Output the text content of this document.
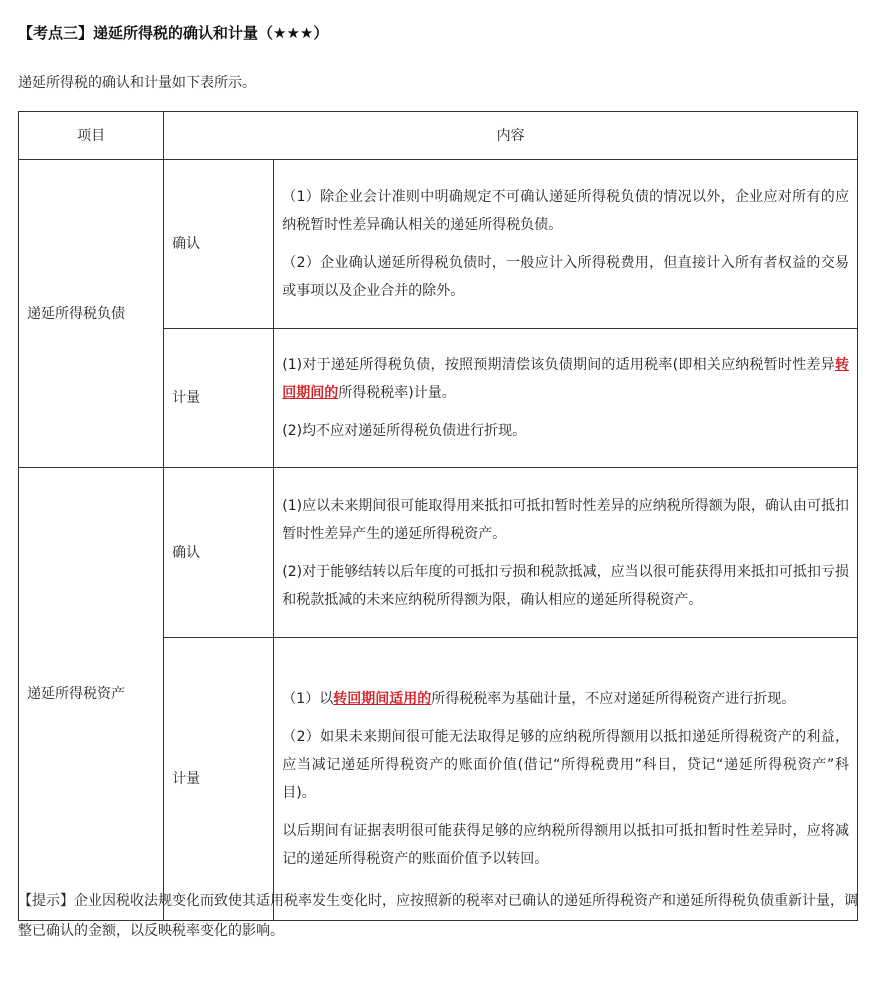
【考点三】递延所得税的确认和计量（★★★）
递延所得税的确认和计量如下表所示。
项目	内容	
递延所得税负债	确认	（1）除企业会计准则中明确规定不可确认递延所得税负债的情况以外，企业应对所有的应纳税暂时性差异确认相关的递延所得税负债。

（2）企业确认递延所得税负债时，一般应计入所得税费用，但直接计入所有者权益的交易或事项以及企业合并的除外。

	计量	(1)对于递延所得税负债，按照预期清偿该负债期间的适用税率(即相关应纳税暂时性差异转回期间的所得税税率)计量。

(2)均不应对递延所得税负债进行折现。

递延所得税资产	确认	(1)应以未来期间很可能取得用来抵扣可抵扣暂时性差异的应纳税所得额为限，确认由可抵扣暂时性差异产生的递延所得税资产。

(2)对于能够结转以后年度的可抵扣亏损和税款抵减，应当以很可能获得用来抵扣可抵扣亏损和税款抵减的未来应纳税所得额为限，确认相应的递延所得税资产。

	计量	（1）以转回期间适用的所得税税率为基础计量，不应对递延所得税资产进行折现。

（2）如果未来期间很可能无法取得足够的应纳税所得额用以抵扣递延所得税资产的利益，应当减记递延所得税资产的账面价值(借记“所得税费用”科目，贷记“递延所得税资产”科目)。

以后期间有证据表明很可能获得足够的应纳税所得额用以抵扣可抵扣暂时性差异时，应将减记的递延所得税资产的账面价值予以转回。

【提示】企业因税收法规变化而致使其适用税率发生变化时，应按照新的税率对已确认的递延所得税资产和递延所得税负债重新计量，调整已确认的金额，以反映税率变化的影响。
